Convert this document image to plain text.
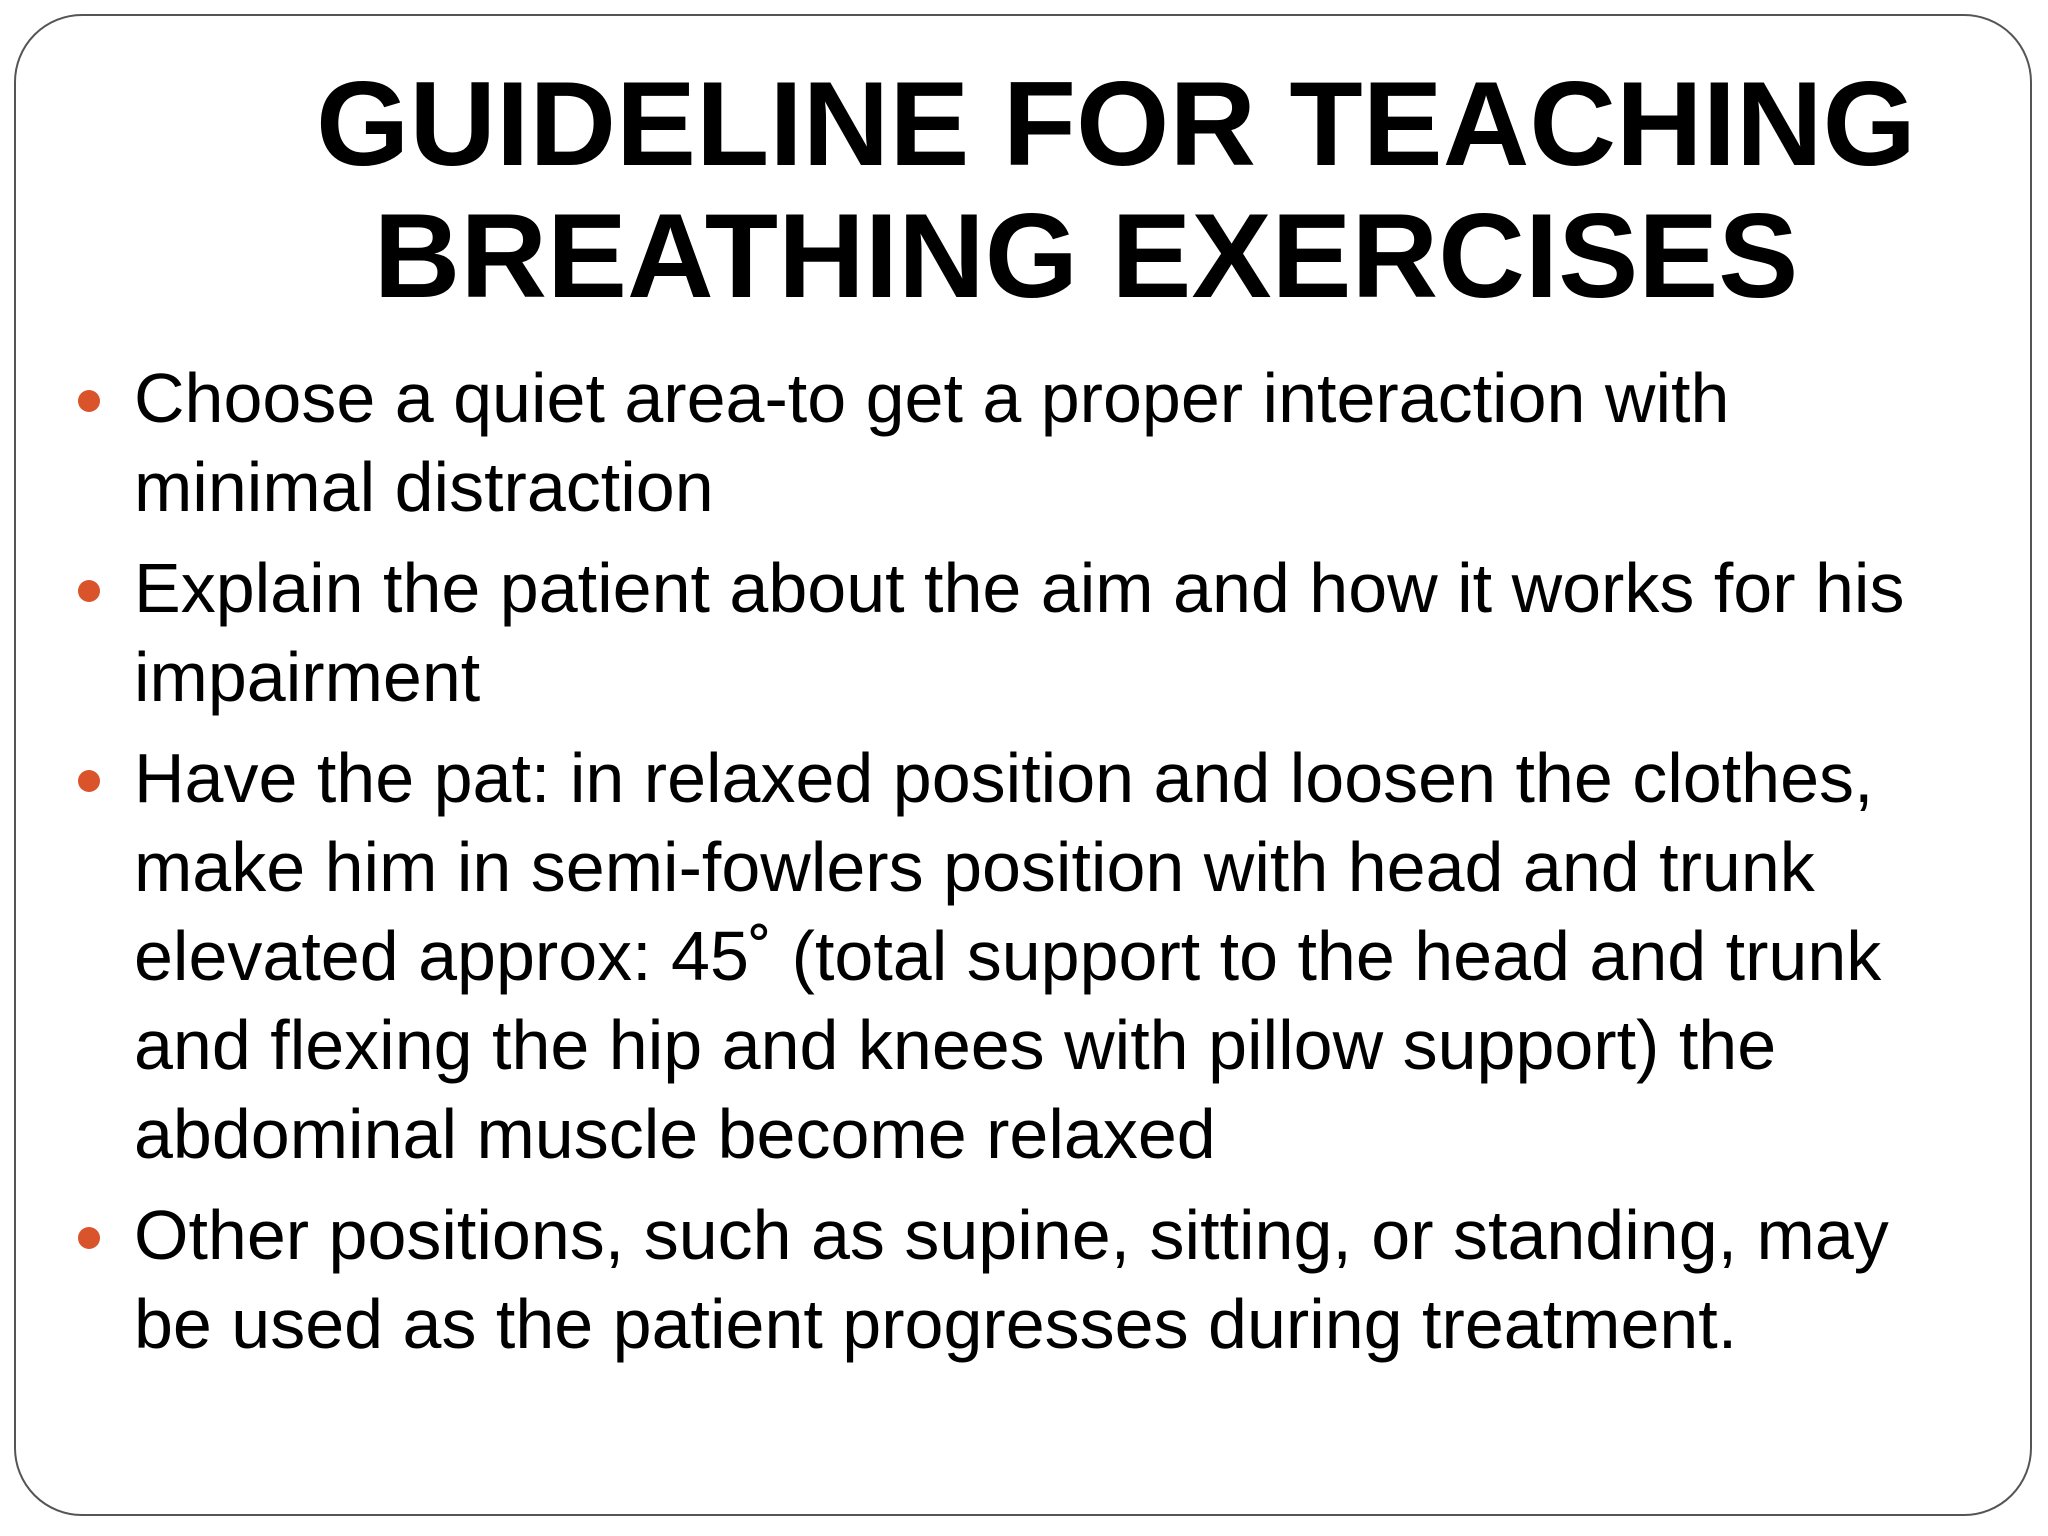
GUIDELINE FOR TEACHING
BREATHING EXERCISES
Choose a quiet area-to get a proper interaction with minimal distraction
Explain the patient about the aim and how it works for his impairment
Have the pat: in relaxed position and loosen the clothes, make him in semi-fowlers position with head and trunk elevated approx: 45˚ (total support to the head and trunk and flexing the hip and knees with pillow support) the abdominal muscle become relaxed
Other positions, such as supine, sitting, or standing, may be used as the patient progresses during treatment.
